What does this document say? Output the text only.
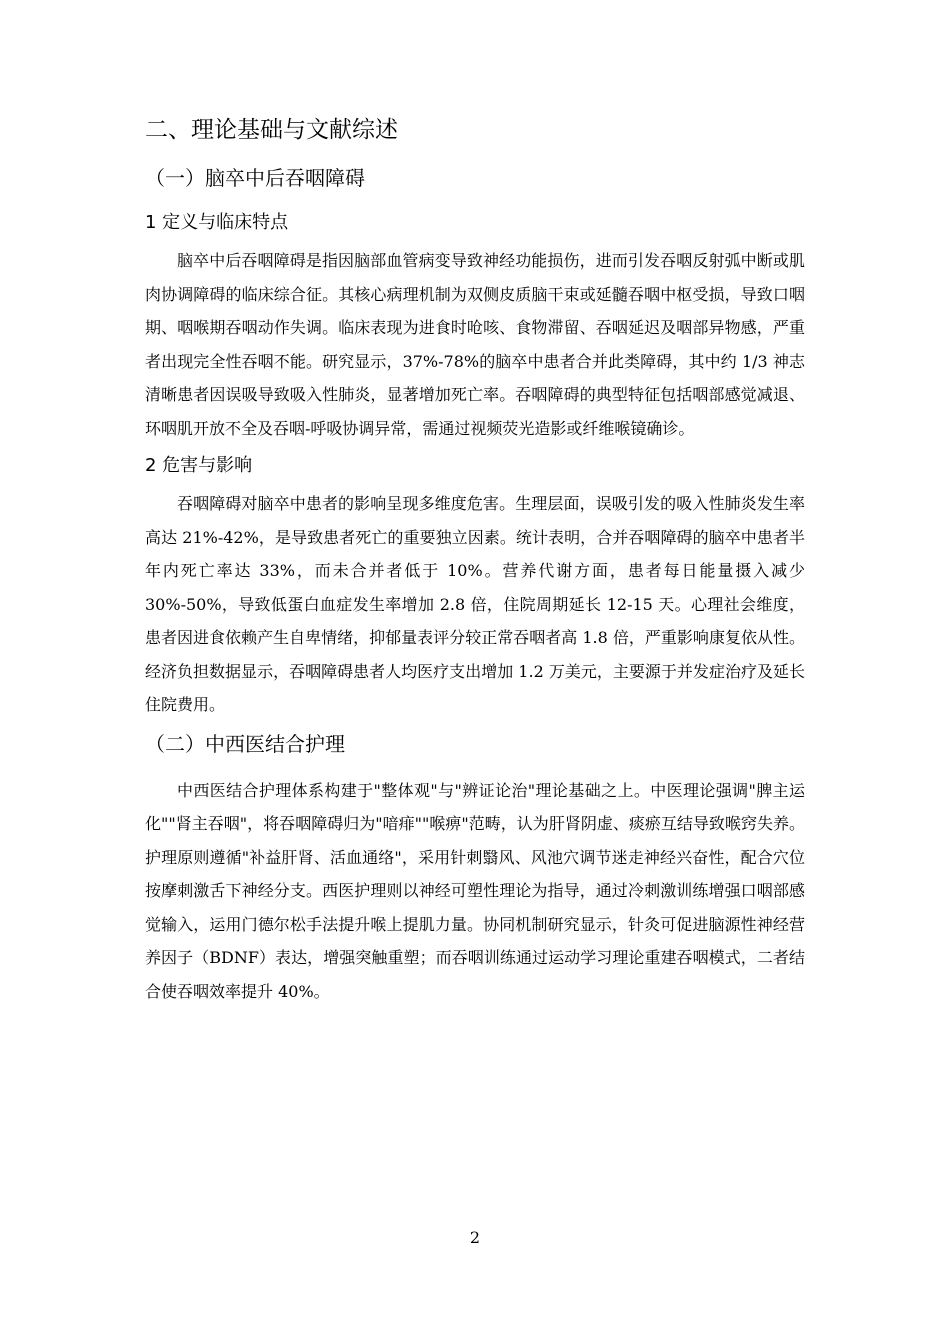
二、理论基础与文献综述
（一）脑卒中后吞咽障碍
1 定义与临床特点

脑卒中后吞咽障碍是指因脑部血管病变导致神经功能损伤，进而引发吞咽反射弧中断或肌肉协调障碍的临床综合征。其核心病理机制为双侧皮质脑干束或延髓吞咽中枢受损，导致口咽期、咽喉期吞咽动作失调。临床表现为进食时呛咳、食物滞留、吞咽延迟及咽部异物感，严重者出现完全性吞咽不能。研究显示，37%-78%的脑卒中患者合并此类障碍，其中约 1/3 神志清晰患者因误吸导致吸入性肺炎，显著增加死亡率。吞咽障碍的典型特征包括咽部感觉减退、环咽肌开放不全及吞咽-呼吸协调异常，需通过视频荧光造影或纤维喉镜确诊。

2 危害与影响

吞咽障碍对脑卒中患者的影响呈现多维度危害。生理层面，误吸引发的吸入性肺炎发生率高达 21%-42%，是导致患者死亡的重要独立因素。统计表明，合并吞咽障碍的脑卒中患者半年内死亡率达 33%，而未合并者低于 10%。营养代谢方面，患者每日能量摄入减少 30%-50%，导致低蛋白血症发生率增加 2.8 倍，住院周期延长 12-15 天。心理社会维度，患者因进食依赖产生自卑情绪，抑郁量表评分较正常吞咽者高 1.8 倍，严重影响康复依从性。经济负担数据显示，吞咽障碍患者人均医疗支出增加 1.2 万美元，主要源于并发症治疗及延长住院费用。

（二）中西医结合护理

中西医结合护理体系构建于"整体观"与"辨证论治"理论基础之上。中医理论强调"脾主运化""肾主吞咽"，将吞咽障碍归为"喑痱""喉痹"范畴，认为肝肾阴虚、痰瘀互结导致喉窍失养。护理原则遵循"补益肝肾、活血通络"，采用针刺翳风、风池穴调节迷走神经兴奋性，配合穴位按摩刺激舌下神经分支。西医护理则以神经可塑性理论为指导，通过冷刺激训练增强口咽部感觉输入，运用门德尔松手法提升喉上提肌力量。协同机制研究显示，针灸可促进脑源性神经营养因子（BDNF）表达，增强突触重塑；而吞咽训练通过运动学习理论重建吞咽模式，二者结合使吞咽效率提升 40%。

2
